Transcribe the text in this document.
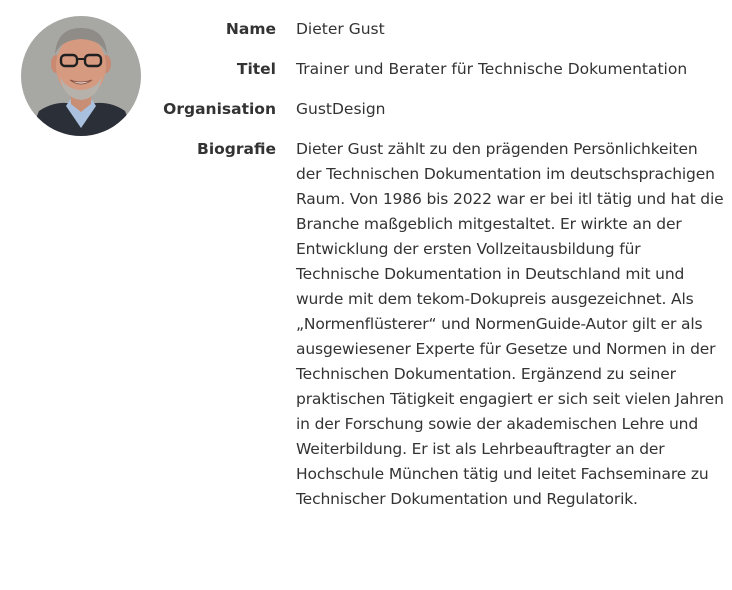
Name	Dieter Gust
Titel	Trainer und Berater für Technische Dokumentation
Organisation	GustDesign
Biografie	Dieter Gust zählt zu den prägenden Persönlichkeiten der Technischen Dokumentation im deutschsprachigen Raum. Von 1986 bis 2022 war er bei itl tätig und hat die Branche maßgeblich mitgestaltet. Er wirkte an der Entwicklung der ersten Vollzeitausbildung für Technische Dokumentation in Deutschland mit und wurde mit dem tekom-Dokupreis ausgezeichnet. Als „Normenflüsterer“ und NormenGuide-Autor gilt er als ausgewiesener Experte für Gesetze und Normen in der Technischen Dokumentation. Ergänzend zu seiner praktischen Tätigkeit engagiert er sich seit vielen Jahren in der Forschung sowie der akademischen Lehre und Weiterbildung. Er ist als Lehrbeauftragter an der Hochschule München tätig und leitet Fachseminare zu Technischer Dokumentation und Regulatorik.
